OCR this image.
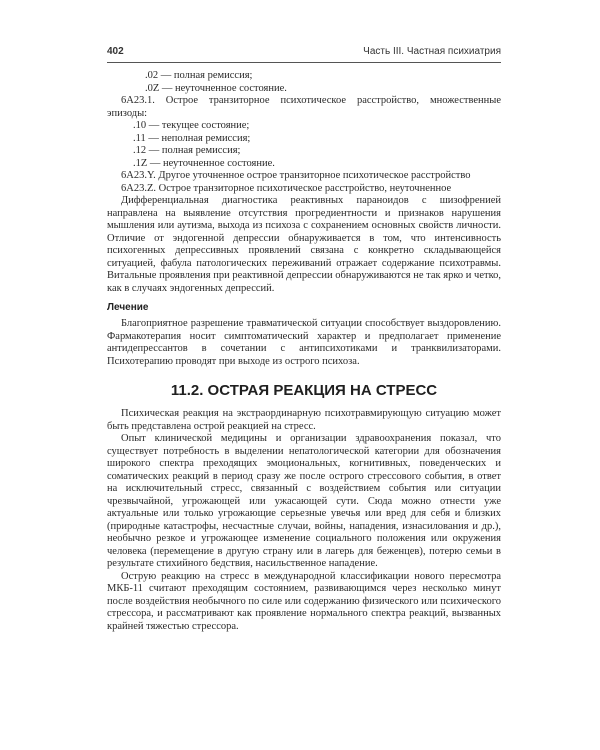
402	Часть III. Частная психиатрия

.02 — полная ремиссия;

.0Z — неуточненное состояние.

6A23.1. Острое транзиторное психотическое расстройство, множественные эпизоды:

.10 — текущее состояние;

.11 — неполная ремиссия;

.12 — полная ремиссия;

.1Z — неуточненное состояние.

6A23.Y. Другое уточненное острое транзиторное психотическое расстройство

6A23.Z. Острое транзиторное психотическое расстройство, неуточненное

Дифференциальная диагностика реактивных параноидов с шизофренией направлена на выявление отсутствия прогредиентности и признаков нарушения мышления или аутизма, выхода из психоза с сохранением основных свойств личности. Отличие от эндогенной депрессии обнаруживается в том, что интенсивность психогенных депрессивных проявлений связана с конкретно складывающейся ситуацией, фабула патологических переживаний отражает содержание психотравмы. Витальные проявления при реактивной депрессии обнаруживаются не так ярко и четко, как в случаях эндогенных депрессий.

Лечение

Благоприятное разрешение травматической ситуации способствует выздоровлению. Фармакотерапия носит симптоматический характер и предполагает применение антидепрессантов в сочетании с антипсихотиками и транквилизаторами. Психотерапию проводят при выходе из острого психоза.

11.2. ОСТРАЯ РЕАКЦИЯ НА СТРЕСС

Психическая реакция на экстраординарную психотравмирующую ситуацию может быть представлена острой реакцией на стресс.

Опыт клинической медицины и организации здравоохранения показал, что существует потребность в выделении непатологической категории для обозначения широкого спектра преходящих эмоциональных, когнитивных, поведенческих и соматических реакций в период сразу же после острого стрессового события, в ответ на исключительный стресс, связанный с воздействием события или ситуации чрезвычайной, угрожающей или ужасающей сути. Сюда можно отнести уже актуальные или только угрожающие серьезные увечья или вред для себя и близких (природные катастрофы, несчастные случаи, войны, нападения, изнасилования и др.), необычно резкое и угрожающее изменение социального положения или окружения человека (перемещение в другую страну или в лагерь для беженцев), потерю семьи в результате стихийного бедствия, насильственное нападение.

Острую реакцию на стресс в международной классификации нового пересмотра МКБ-11 считают преходящим состоянием, развивающимся через несколько минут после воздействия необычного по силе или содержанию физического или психического стрессора, и рассматривают как проявление нормального спектра реакций, вызванных крайней тяжестью стрессора.
